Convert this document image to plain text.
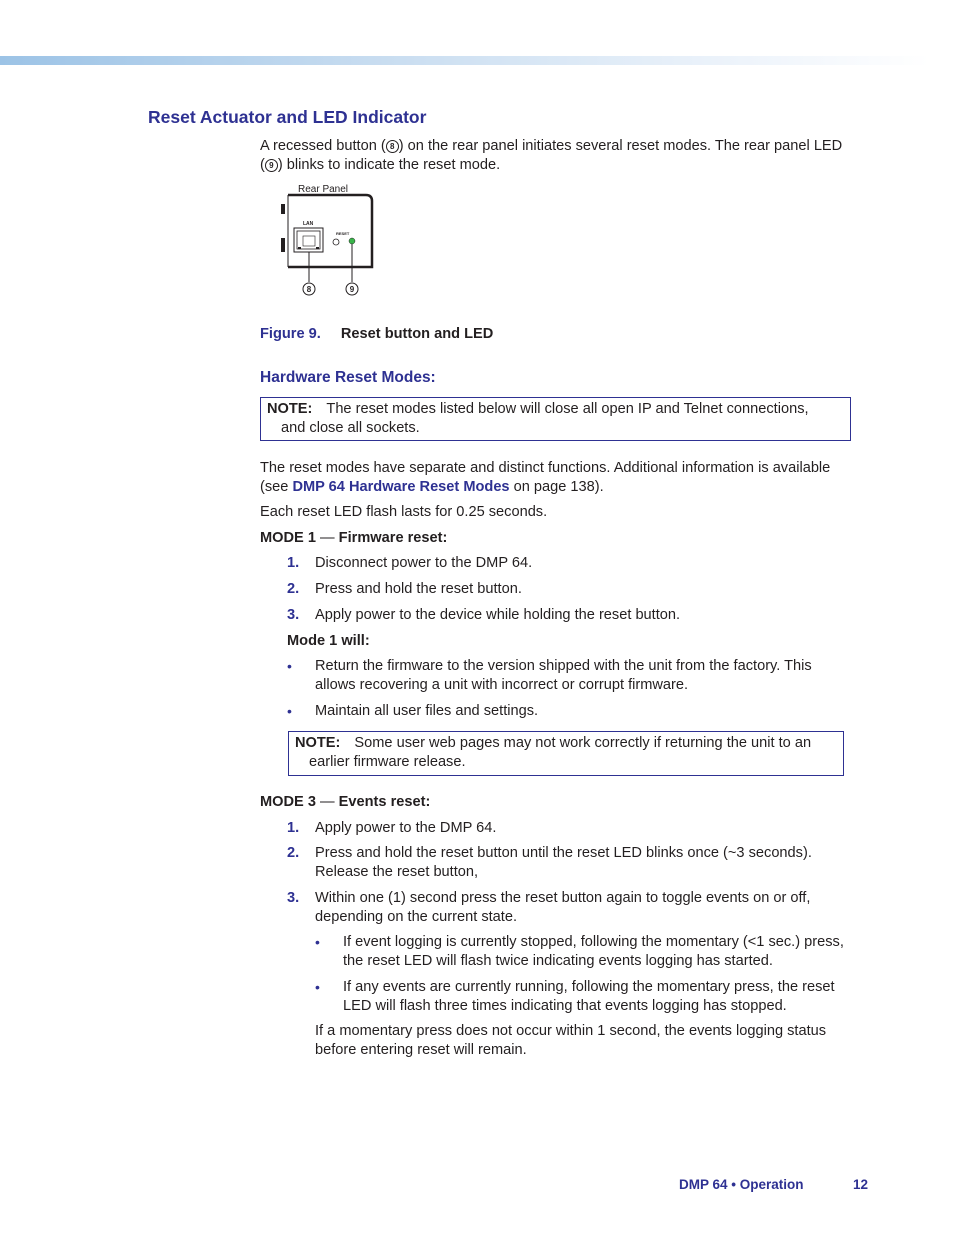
Reset Actuator and LED Indicator
A recessed button ( 8 ) on the rear panel initiates several reset modes. The rear panel LED
( 9 ) blinks to indicate the reset mode.
Rear Panel
LAN
RESET
8	9
Figure 9. Reset button and LED
Hardware Reset Modes:
NOTE: The reset modes listed below will close all open IP and Telnet connections,
and close all sockets.
The reset modes have separate and distinct functions. Additional information is available
(see DMP 64 Hardware Reset Modes on page 138).
Each reset LED flash lasts for 0.25 seconds.
MODE 1 — Firmware reset:
1. Disconnect power to the DMP 64.
2. Press and hold the reset button.
3. Apply power to the device while holding the reset button.
Mode 1 will:
• Return the firmware to the version shipped with the unit from the factory. This
allows recovering a unit with incorrect or corrupt firmware.
• Maintain all user files and settings.
NOTE: Some user web pages may not work correctly if returning the unit to an
earlier firmware release.
MODE 3 — Events reset:
1. Apply power to the DMP 64.
2. Press and hold the reset button until the reset LED blinks once (~3 seconds).
Release the reset button,
3. Within one (1) second press the reset button again to toggle events on or off,
depending on the current state.
• If event logging is currently stopped, following the momentary (<1 sec.) press,
the reset LED will flash twice indicating events logging has started.
• If any events are currently running, following the momentary press, the reset
LED will flash three times indicating that events logging has stopped.
If a momentary press does not occur within 1 second, the events logging status
before entering reset will remain.
DMP 64 • Operation	12
